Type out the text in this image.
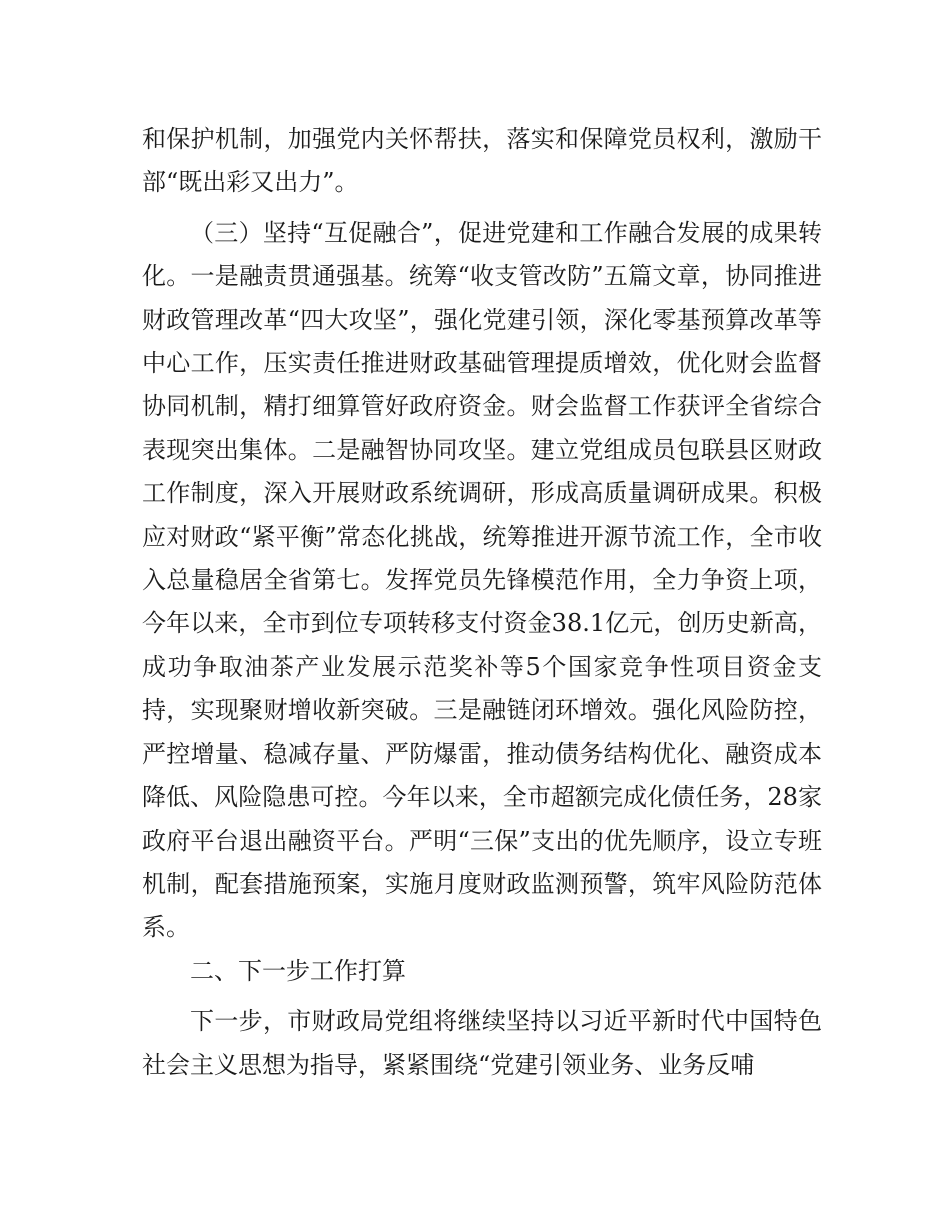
和保护机制，加强党内关怀帮扶，落实和保障党员权利，激励干部“既出彩又出力”。

（三）坚持“互促融合”，促进党建和工作融合发展的成果转化。一是融责贯通强基。统筹“收支管改防”五篇文章，协同推进财政管理改革“四大攻坚”，强化党建引领，深化零基预算改革等中心工作，压实责任推进财政基础管理提质增效，优化财会监督协同机制，精打细算管好政府资金。财会监督工作获评全省综合表现突出集体。二是融智协同攻坚。建立党组成员包联县区财政工作制度，深入开展财政系统调研，形成高质量调研成果。积极应对财政“紧平衡”常态化挑战，统筹推进开源节流工作，全市收入总量稳居全省第七。发挥党员先锋模范作用，全力争资上项，今年以来，全市到位专项转移支付资金38.1亿元，创历史新高，成功争取油茶产业发展示范奖补等5个国家竞争性项目资金支持，实现聚财增收新突破。三是融链闭环增效。强化风险防控，严控增量、稳减存量、严防爆雷，推动债务结构优化、融资成本降低、风险隐患可控。今年以来，全市超额完成化债任务，28家政府平台退出融资平台。严明“三保”支出的优先顺序，设立专班机制，配套措施预案，实施月度财政监测预警，筑牢风险防范体系。

二、下一步工作打算

下一步，市财政局党组将继续坚持以习近平新时代中国特色社会主义思想为指导，紧紧围绕“党建引领业务、业务反哺
